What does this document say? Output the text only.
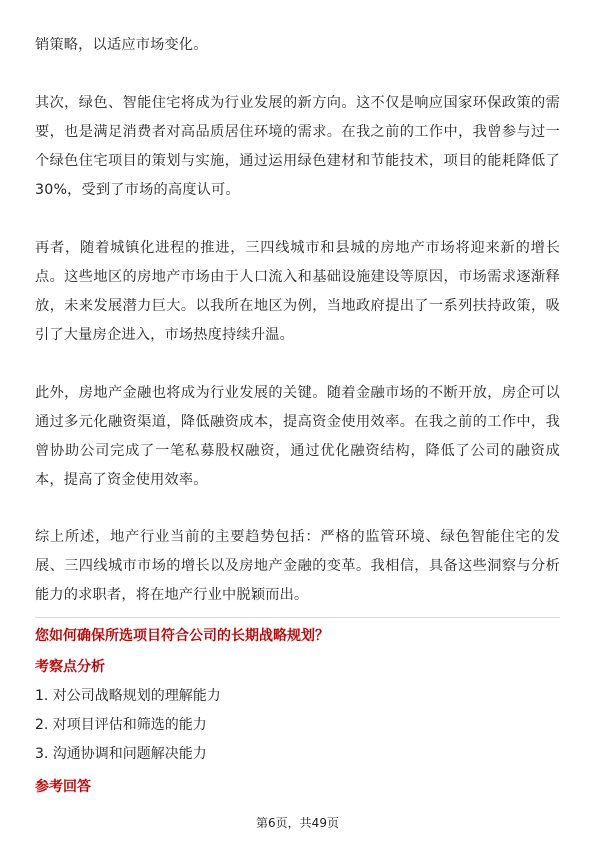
销策略，以适应市场变化。

其次，绿色、智能住宅将成为行业发展的新方向。这不仅是响应国家环保政策的需要，也是满足消费者对高品质居住环境的需求。在我之前的工作中，我曾参与过一个绿色住宅项目的策划与实施，通过运用绿色建材和节能技术，项目的能耗降低了30%，受到了市场的高度认可。

再者，随着城镇化进程的推进，三四线城市和县城的房地产市场将迎来新的增长点。这些地区的房地产市场由于人口流入和基础设施建设等原因，市场需求逐渐释放，未来发展潜力巨大。以我所在地区为例，当地政府提出了一系列扶持政策，吸引了大量房企进入，市场热度持续升温。

此外，房地产金融也将成为行业发展的关键。随着金融市场的不断开放，房企可以通过多元化融资渠道，降低融资成本，提高资金使用效率。在我之前的工作中，我曾协助公司完成了一笔私募股权融资，通过优化融资结构，降低了公司的融资成本，提高了资金使用效率。

综上所述，地产行业当前的主要趋势包括：严格的监管环境、绿色智能住宅的发展、三四线城市市场的增长以及房地产金融的变革。我相信，具备这些洞察与分析能力的求职者，将在地产行业中脱颖而出。

您如何确保所选项目符合公司的长期战略规划？

考察点分析

1. 对公司战略规划的理解能力

2. 对项目评估和筛选的能力

3. 沟通协调和问题解决能力

参考回答

第6页，共49页
